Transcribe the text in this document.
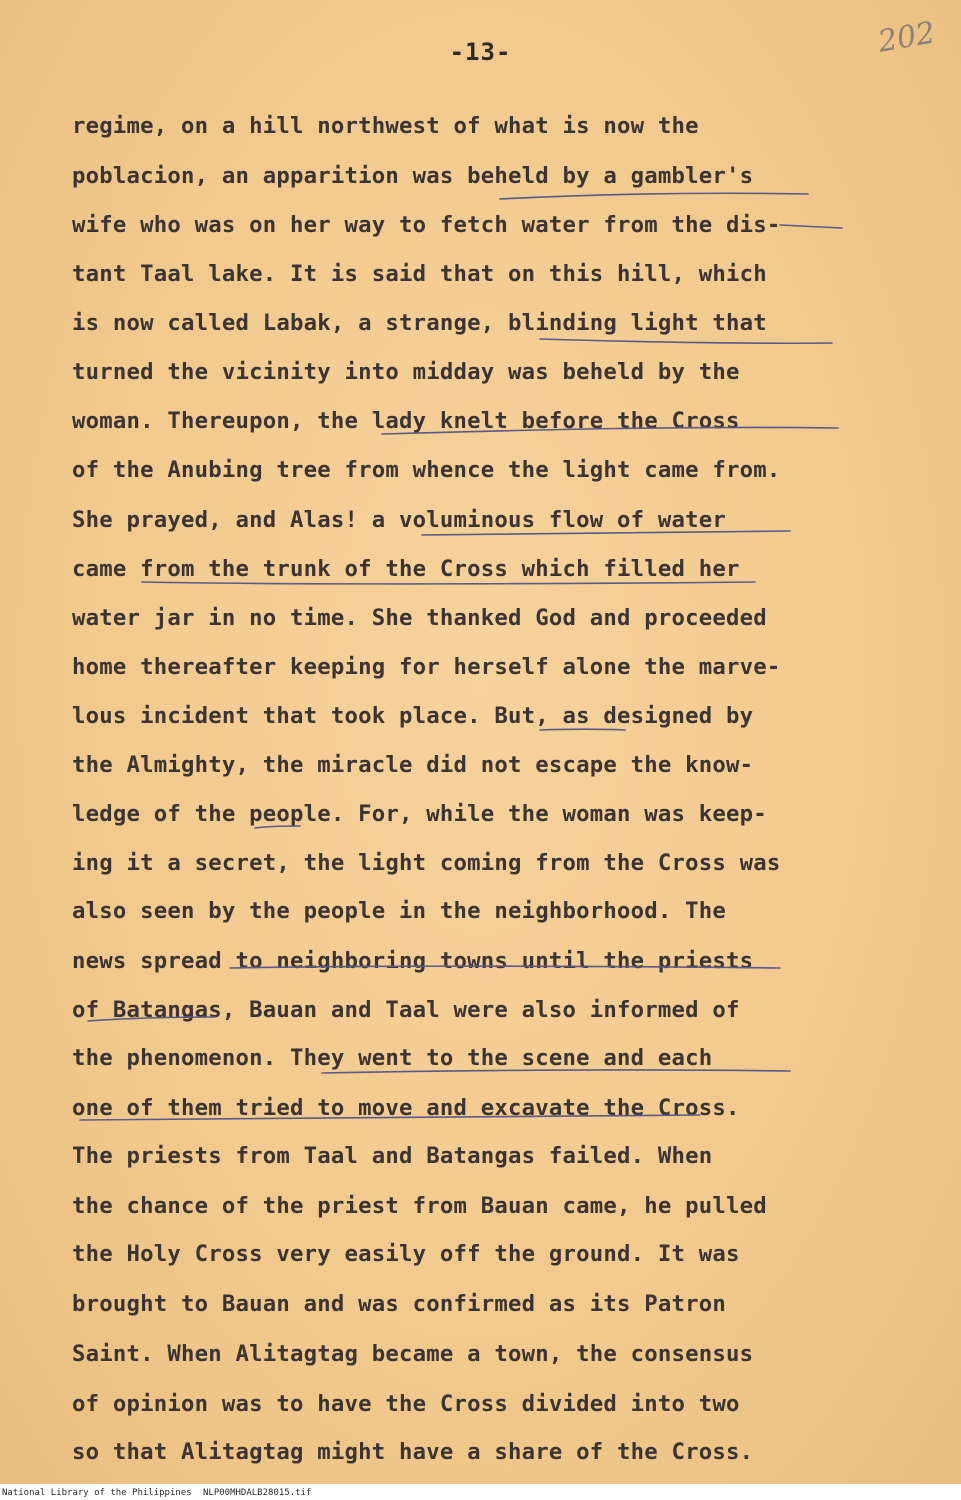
-13-	202
regime, on a hill northwest of what is now the
poblacion, an apparition was beheld by a gambler's
wife who was on her way to fetch water from the dis-
tant Taal lake. It is said that on this hill, which
is now called Labak, a strange, blinding light that
turned the vicinity into midday was beheld by the
woman. Thereupon, the lady knelt before the Cross
of the Anubing tree from whence the light came from.
She prayed, and Alas! a voluminous flow of water
came from the trunk of the Cross which filled her
water jar in no time. She thanked God and proceeded
home thereafter keeping for herself alone the marve-
lous incident that took place. But, as designed by
the Almighty, the miracle did not escape the know-
ledge of the people. For, while the woman was keep-
ing it a secret, the light coming from the Cross was
also seen by the people in the neighborhood. The
news spread to neighboring towns until the priests
of Batangas, Bauan and Taal were also informed of
the phenomenon. They went to the scene and each
one of them tried to move and excavate the Cross.
The priests from Taal and Batangas failed. When
the chance of the priest from Bauan came, he pulled
the Holy Cross very easily off the ground. It was
brought to Bauan and was confirmed as its Patron
Saint. When Alitagtag became a town, the consensus
of opinion was to have the Cross divided into two
so that Alitagtag might have a share of the Cross.
National Library of the Philippines NLP00MHDALB28015.tif
